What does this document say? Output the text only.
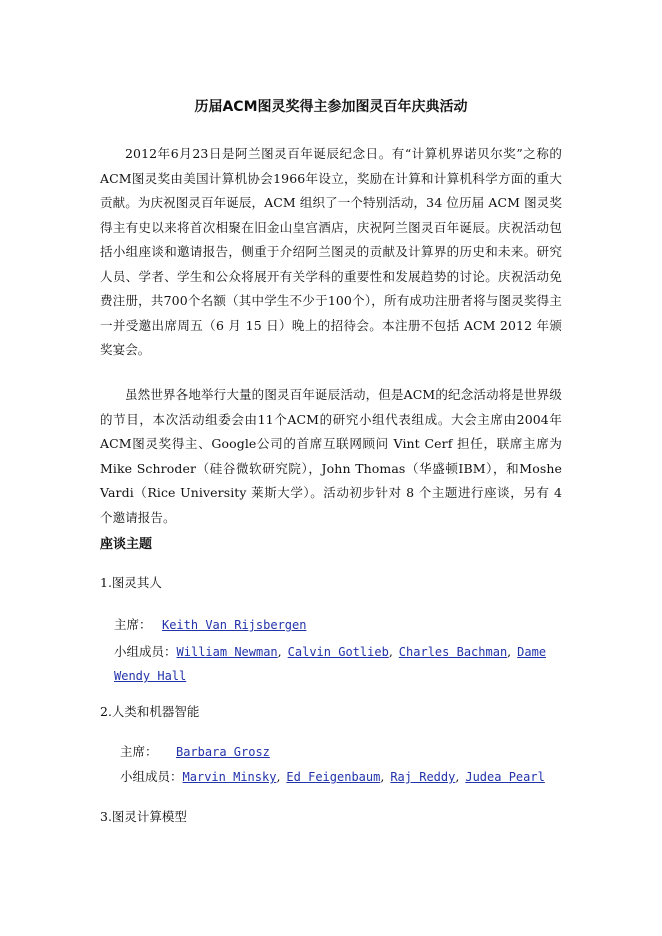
历届ACM图灵奖得主参加图灵百年庆典活动

2012年6月23日是阿兰图灵百年诞辰纪念日。有“计算机界诺贝尔奖”之称的ACM图灵奖由美国计算机协会1966年设立，奖励在计算和计算机科学方面的重大贡献。为庆祝图灵百年诞辰，ACM 组织了一个特别活动，34 位历届 ACM 图灵奖得主有史以来将首次相聚在旧金山皇宫酒店，庆祝阿兰图灵百年诞辰。庆祝活动包括小组座谈和邀请报告，侧重于介绍阿兰图灵的贡献及计算界的历史和未来。研究人员、学者、学生和公众将展开有关学科的重要性和发展趋势的讨论。庆祝活动免费注册，共700个名额（其中学生不少于100个），所有成功注册者将与图灵奖得主一并受邀出席周五（6 月 15 日）晚上的招待会。本注册不包括 ACM 2012 年颁奖宴会。

虽然世界各地举行大量的图灵百年诞辰活动，但是ACM的纪念活动将是世界级的节目，本次活动组委会由11个ACM的研究小组代表组成。大会主席由2004年ACM图灵奖得主、Google公司的首席互联网顾问 Vint Cerf 担任，联席主席为Mike Schroder（硅谷微软研究院），John Thomas（华盛顿IBM），和Moshe Vardi（Rice University 莱斯大学）。活动初步针对 8 个主题进行座谈，另有 4 个邀请报告。

座谈主题
1.图灵其人
主席： Keith Van Rijsbergen
小组成员：William Newman, Calvin Gotlieb, Charles Bachman, Dame Wendy Hall
2.人类和机器智能
主席： Barbara Grosz
小组成员：Marvin Minsky, Ed Feigenbaum, Raj Reddy, Judea Pearl
3.图灵计算模型
